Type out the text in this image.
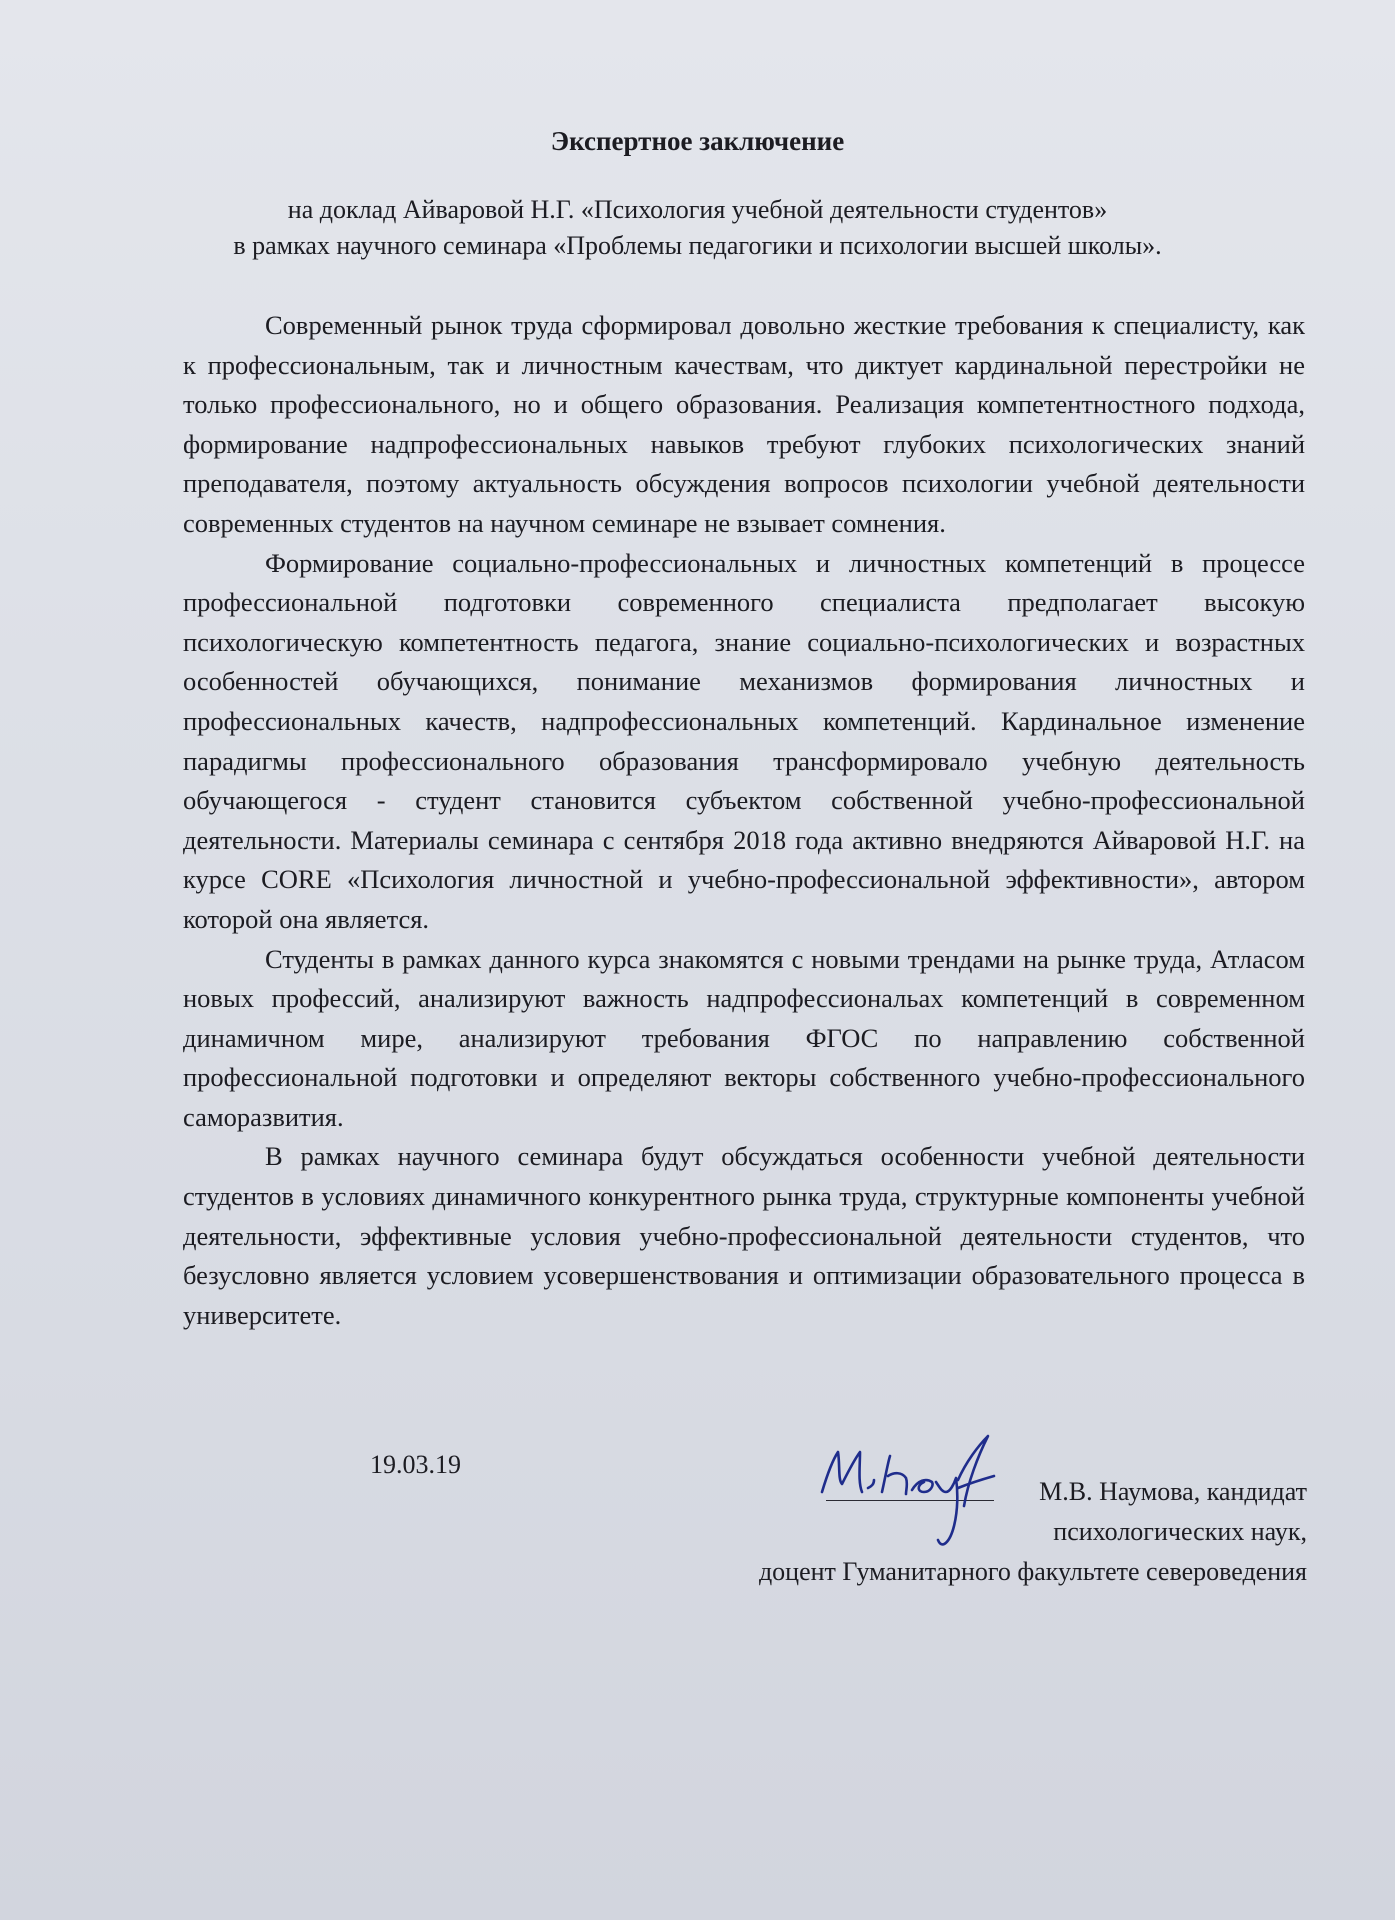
Экспертное заключение

на доклад Айваровой Н.Г. «Психология учебной деятельности студентов»
в рамках научного семинара «Проблемы педагогики и психологии высшей школы».

Современный рынок труда сформировал довольно жесткие требования к специалисту, как к профессиональным, так и личностным качествам, что диктует кардинальной перестройки не только профессионального, но и общего образования. Реализация компетентностного подхода, формирование надпрофессиональных навыков требуют глубоких психологических знаний преподавателя, поэтому актуальность обсуждения вопросов психологии учебной деятельности современных студентов на научном семинаре не взывает сомнения.

Формирование социально-профессиональных и личностных компетенций в процессе профессиональной подготовки современного специалиста предполагает высокую психологическую компетентность педагога, знание социально-психологических и возрастных особенностей обучающихся, понимание механизмов формирования личностных и профессиональных качеств, надпрофессиональных компетенций. Кардинальное изменение парадигмы профессионального образования трансформировало учебную деятельность обучающегося - студент становится субъектом собственной учебно-профессиональной деятельности. Материалы семинара с сентября 2018 года активно внедряются Айваровой Н.Г. на курсе CORE «Психология личностной и учебно-профессиональной эффективности», автором которой она является.

Студенты в рамках данного курса знакомятся с новыми трендами на рынке труда, Атласом новых профессий, анализируют важность надпрофессиональах компетенций в современном динамичном мире, анализируют требования ФГОС по направлению собственной профессиональной подготовки и определяют векторы собственного учебно-профессионального саморазвития.

В рамках научного семинара будут обсуждаться особенности учебной деятельности студентов в условиях динамичного конкурентного рынка труда, структурные компоненты учебной деятельности, эффективные условия учебно-профессиональной деятельности студентов, что безусловно является условием усовершенствования и оптимизации образовательного процесса в университете.

19.03.19

М.В. Наумова, кандидат
психологических наук,
доцент Гуманитарного факультете североведения
